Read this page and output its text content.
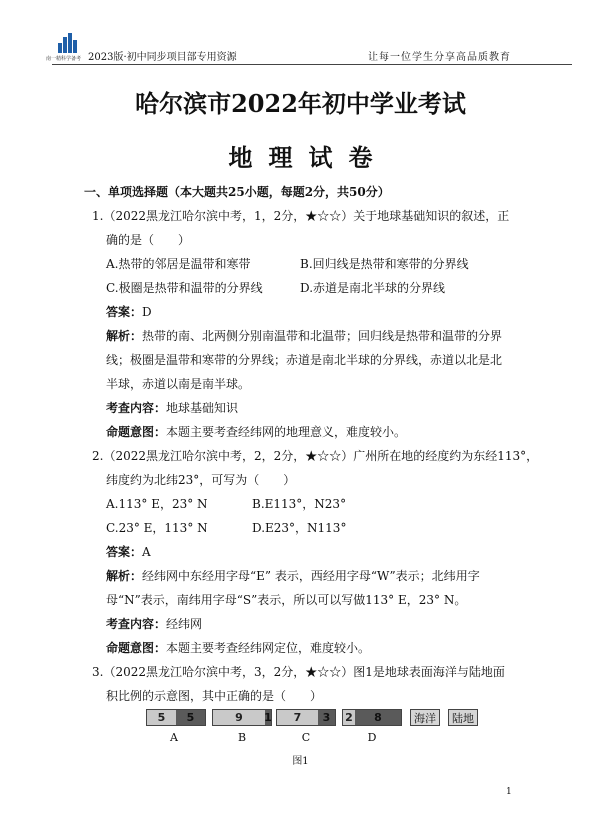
南一精科学备考 2023版·初中同步项目部专用资源	让每一位学生分享高品质教育
哈尔滨市2022年初中学业考试
地理试卷
一、单项选择题（本大题共25小题，每题2分，共50分）
1.（2022黑龙江哈尔滨中考，1，2分，★☆☆）关于地球基础知识的叙述，正
确的是（　　）
A.热带的邻居是温带和寒带	B.回归线是热带和寒带的分界线
C.极圈是热带和温带的分界线	D.赤道是南北半球的分界线
答案：D
解析：热带的南、北两侧分别南温带和北温带；回归线是热带和温带的分界
线；极圈是温带和寒带的分界线；赤道是南北半球的分界线，赤道以北是北
半球，赤道以南是南半球。
考查内容：地球基础知识
命题意图：本题主要考查经纬网的地理意义，难度较小。
2.（2022黑龙江哈尔滨中考，2，2分，★☆☆）广州所在地的经度约为东经113°，
纬度约为北纬23°，可写为（　　）
A.113° E，23° N	B.E113°，N23°
C.23° E，113° N	D.E23°，N113°
答案：A
解析：经纬网中东经用字母“E” 表示，西经用字母“W”表示；北纬用字
母“N”表示，南纬用字母“S”表示，所以可以写做113° E，23° N。
考查内容：经纬网
命题意图：本题主要考查经纬网定位，难度较小。
3.（2022黑龙江哈尔滨中考，3，2分，★☆☆）图1是地球表面海洋与陆地面
积比例的示意图，其中正确的是（　　）
5	5	9	1	7	3	2	8	海洋	陆地
A	B	C	D
图1
1
